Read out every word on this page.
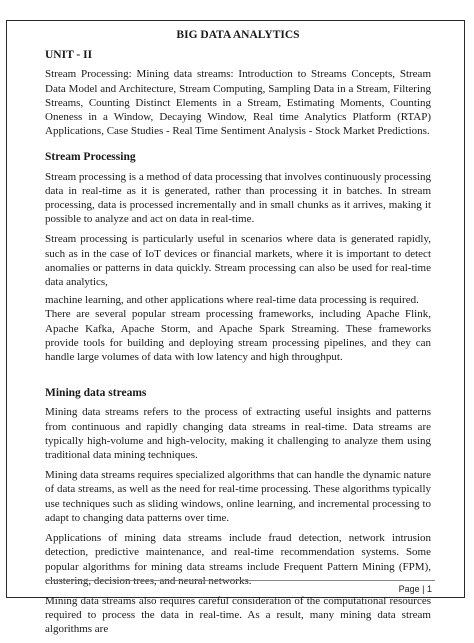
BIG DATA ANALYTICS
UNIT - II

Stream Processing: Mining data streams: Introduction to Streams Concepts, Stream Data Model and Architecture, Stream Computing, Sampling Data in a Stream, Filtering Streams, Counting Distinct Elements in a Stream, Estimating Moments, Counting Oneness in a Window, Decaying Window, Real time Analytics Platform (RTAP) Applications, Case Studies - Real Time Sentiment Analysis - Stock Market Predictions.

Stream Processing

Stream processing is a method of data processing that involves continuously processing data in real-time as it is generated, rather than processing it in batches. In stream processing, data is processed incrementally and in small chunks as it arrives, making it possible to analyze and act on data in real-time.

Stream processing is particularly useful in scenarios where data is generated rapidly, such as in the case of IoT devices or financial markets, where it is important to detect anomalies or patterns in data quickly. Stream processing can also be used for real-time data analytics,

machine learning, and other applications where real-time data processing is required.

There are several popular stream processing frameworks, including Apache Flink, Apache Kafka, Apache Storm, and Apache Spark Streaming. These frameworks provide tools for building and deploying stream processing pipelines, and they can handle large volumes of data with low latency and high throughput.

Mining data streams

Mining data streams refers to the process of extracting useful insights and patterns from continuous and rapidly changing data streams in real-time. Data streams are typically high-volume and high-velocity, making it challenging to analyze them using traditional data mining techniques.

Mining data streams requires specialized algorithms that can handle the dynamic nature of data streams, as well as the need for real-time processing. These algorithms typically use techniques such as sliding windows, online learning, and incremental processing to adapt to changing data patterns over time.

Applications of mining data streams include fraud detection, network intrusion detection, predictive maintenance, and real-time recommendation systems. Some popular algorithms for mining data streams include Frequent Pattern Mining (FPM), clustering, decision trees, and neural networks.

Mining data streams also requires careful consideration of the computational resources required to process the data in real-time. As a result, many mining data stream algorithms are

Page | 1
